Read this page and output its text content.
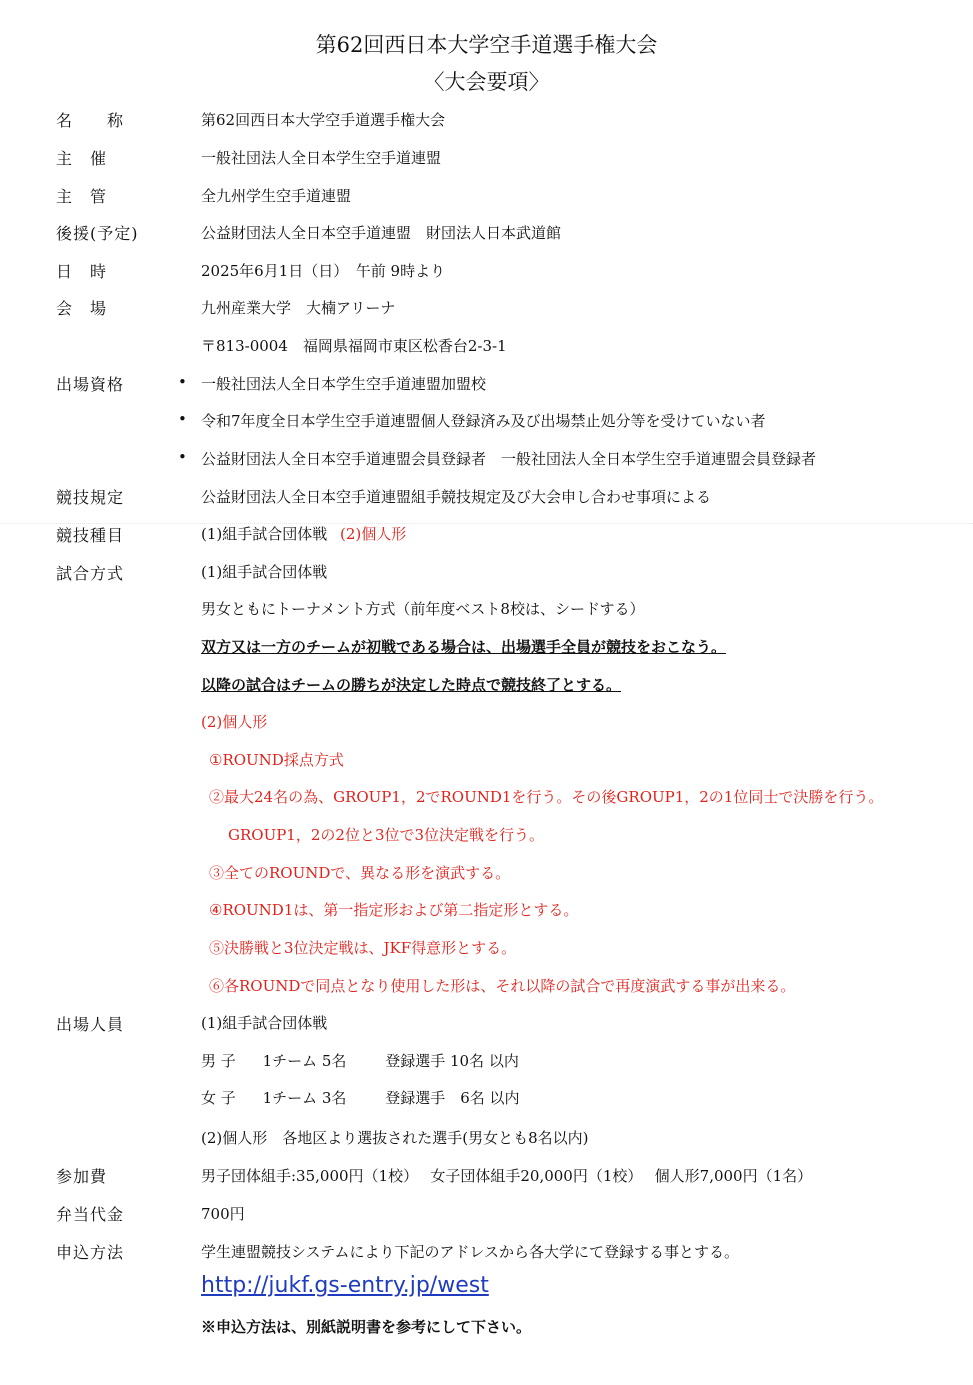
第62回西日本大学空手道選手権大会
〈大会要項〉
名　　称	第62回西日本大学空手道選手権大会
主　催	一般社団法人全日本学生空手道連盟
主　管	全九州学生空手道連盟
後援(予定)	公益財団法人全日本空手道連盟　財団法人日本武道館
日　時	2025年6月1日（日）　午前 9時より
会　場	九州産業大学　大楠アリーナ
〒813-0004　福岡県福岡市東区松香台2-3-1
出場資格	• 一般社団法人全日本学生空手道連盟加盟校
• 令和7年度全日本学生空手道連盟個人登録済み及び出場禁止処分等を受けていない者
• 公益財団法人全日本空手道連盟会員登録者　一般社団法人全日本学生空手道連盟会員登録者
競技規定	公益財団法人全日本空手道連盟組手競技規定及び大会申し合わせ事項による
競技種目	(1)組手試合団体戦 (2)個人形
試合方式	(1)組手試合団体戦
男女ともにトーナメント方式（前年度ベスト8校は、シードする）
双方又は一方のチームが初戦である場合は、出場選手全員が競技をおこなう。
以降の試合はチームの勝ちが決定した時点で競技終了とする。
(2)個人形
①ROUND採点方式
②最大24名の為、GROUP1，2でROUND1を行う。その後GROUP1，2の1位同士で決勝を行う。
GROUP1，2の2位と3位で3位決定戦を行う。
③全てのROUNDで、異なる形を演武する。
④ROUND1は、第一指定形および第二指定形とする。
⑤決勝戦と3位決定戦は、JKF得意形とする。
⑥各ROUNDで同点となり使用した形は、それ以降の試合で再度演武する事が出来る。
出場人員	(1)組手試合団体戦
男 子 1チーム 5名	登録選手 10名 以内
女 子 1チーム 3名	登録選手　6名 以内
(2)個人形　各地区より選抜された選手(男女とも8名以内)
参加費	男子団体組手:35,000円（1校）　 女子団体組手20,000円（1校）　 個人形7,000円（1名）
弁当代金	700円
申込方法	学生連盟競技システムにより下記のアドレスから各大学にて登録する事とする。
http://jukf.gs-entry.jp/west
※申込方法は、別紙説明書を参考にして下さい。
